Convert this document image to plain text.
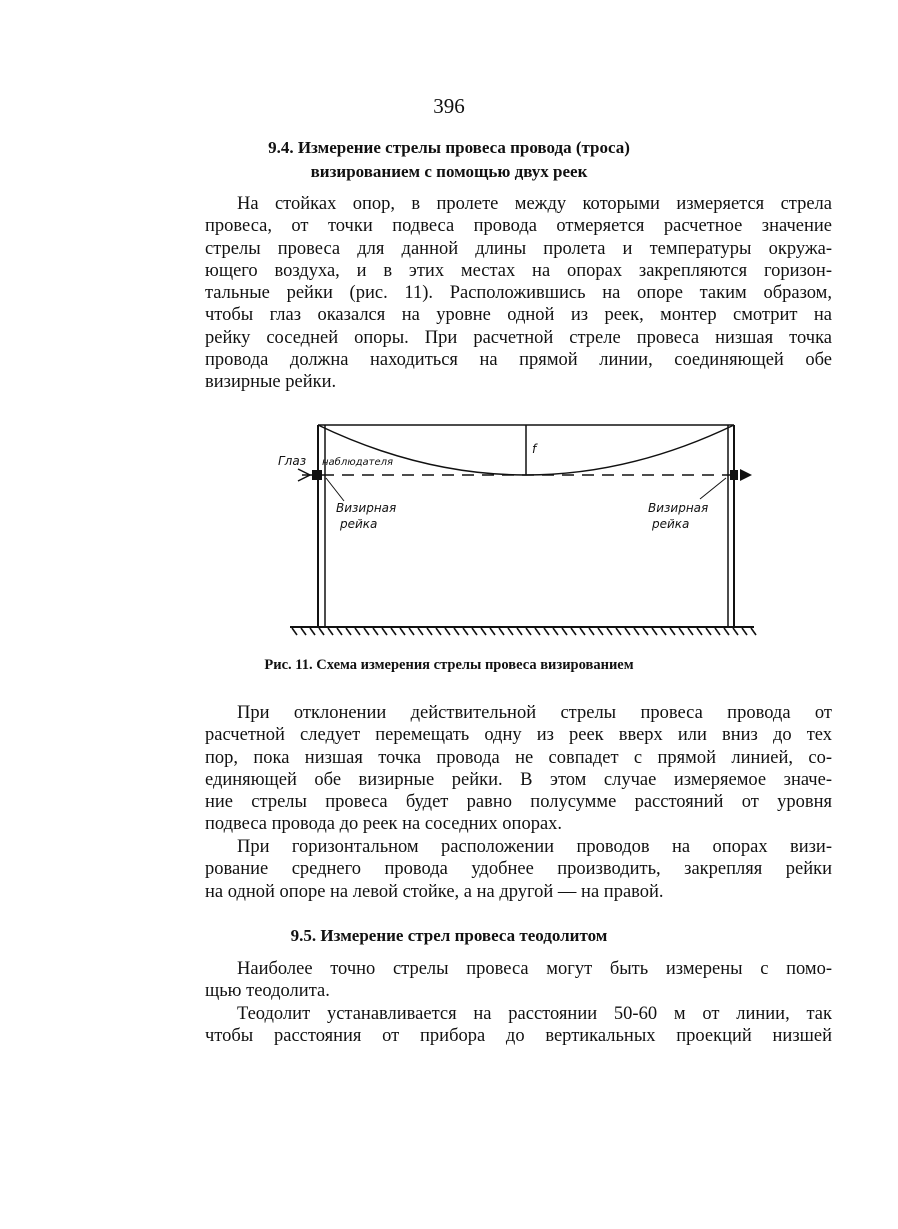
396
9.4. Измерение стрелы провеса провода (троса)
визированием с помощью двух реек

На стойках опор, в пролете между которыми измеряется стрела
провеса, от точки подвеса провода отмеряется расчетное значение
стрелы провеса для данной длины пролета и температуры окружа-
ющего воздуха, и в этих местах на опорах закрепляются горизон-
тальные рейки (рис. 11). Расположившись на опоре таким образом,
чтобы глаз оказался на уровне одной из реек, монтер смотрит на
рейку соседней опоры. При расчетной стреле провеса низшая точка
провода должна находиться на прямой линии, соединяющей обе
визирные рейки.

f
Глаз наблюдателя
Визирная
рейка
Визирная
рейка
Рис. 11. Схема измерения стрелы провеса визированием

При отклонении действительной стрелы провеса провода от
расчетной следует перемещать одну из реек вверх или вниз до тех
пор, пока низшая точка провода не совпадет с прямой линией, со-
единяющей обе визирные рейки. В этом случае измеряемое значе-
ние стрелы провеса будет равно полусумме расстояний от уровня
подвеса провода до реек на соседних опорах.

При горизонтальном расположении проводов на опорах визи-
рование среднего провода удобнее производить, закрепляя рейки
на одной опоре на левой стойке, а на другой — на правой.

9.5. Измерение стрел провеса теодолитом

Наиболее точно стрелы провеса могут быть измерены с помо-
щью теодолита.

Теодолит устанавливается на расстоянии 50-60 м от линии, так
чтобы расстояния от прибора до вертикальных проекций низшей
